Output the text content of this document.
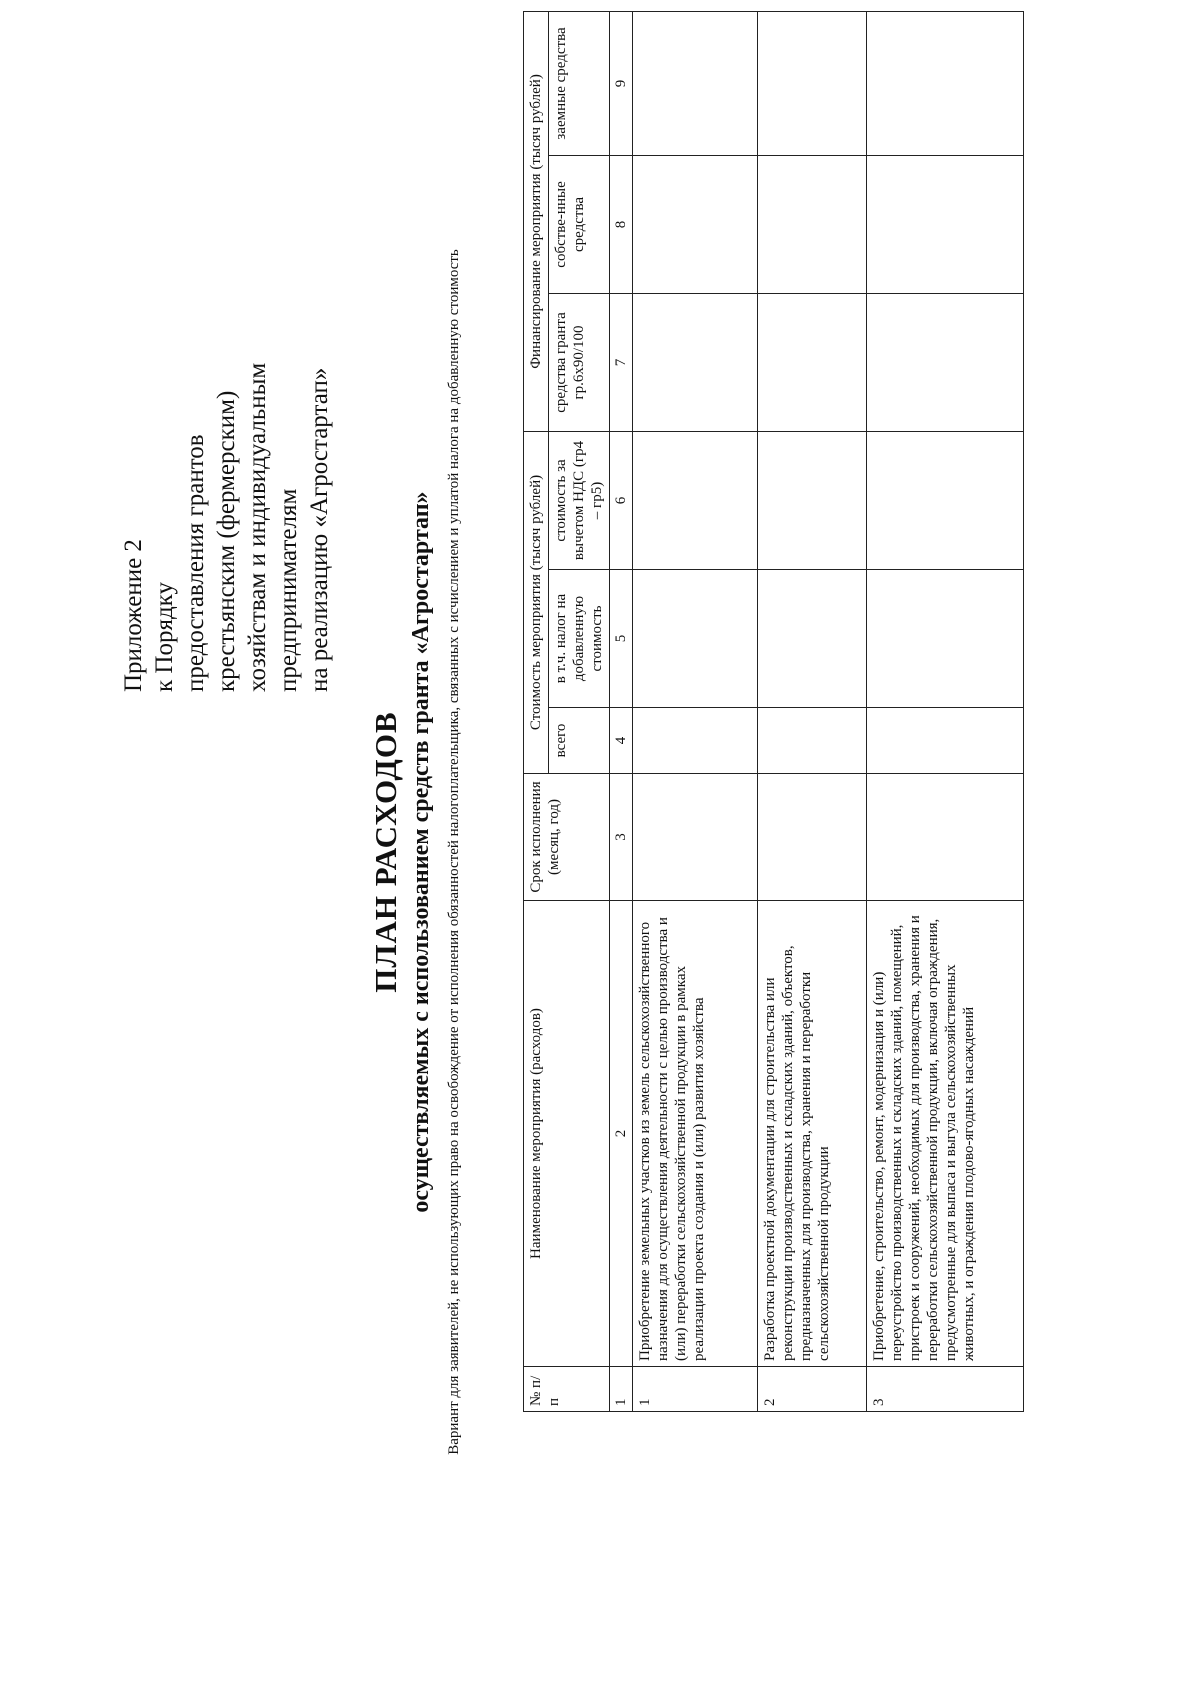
Приложение 2 к Порядку предоставления грантов крестьянским (фермерским) хозяйствам и индивидуальным предпринимателям на реализацию «Агростартап»
ПЛАН РАСХОДОВ осуществляемых с использованием средств гранта «Агростартап» Вариант для заявителей, не использующих право на освобождение от исполнения обязанностей налогоплательщика, связанных с исчислением и уплатой налога на добавленную стоимость	№ п/п	Наименование мероприятия (расходов)	Срок исполнения (месяц, год)	Стоимость мероприятия (тысяч рублей)			Финансирование мероприятия (тысяч рублей)		
			всего	в т.ч. налог на добавленную стоимость	стоимость за вычетом НДС (гр4 – гр5)	средства гранта гр.6х90/100	собстве-нные средства	заемные средства
1	2	3	4	5	6	7	8	9
1	Приобретение земельных участков из земель сельскохозяйственного назначения для осуществления деятельности с целью производства и (или) переработки сельскохозяйственной продукции в рамках реализации проекта создания и (или) развития хозяйства							
2	Разработка проектной документации для строительства или реконструкции производственных и складских зданий, объектов, предназначенных для производства, хранения и переработки сельскохозяйственной продукции							
3	Приобретение, строительство, ремонт, модернизация и (или) переустройство производственных и складских зданий, помещений, пристроек и сооружений, необходимых для производства, хранения и переработки сельскохозяйственной продукции, включая ограждения, предусмотренные для выпаса и выгула сельскохозяйственных животных, и ограждения плодово-ягодных насаждений							
